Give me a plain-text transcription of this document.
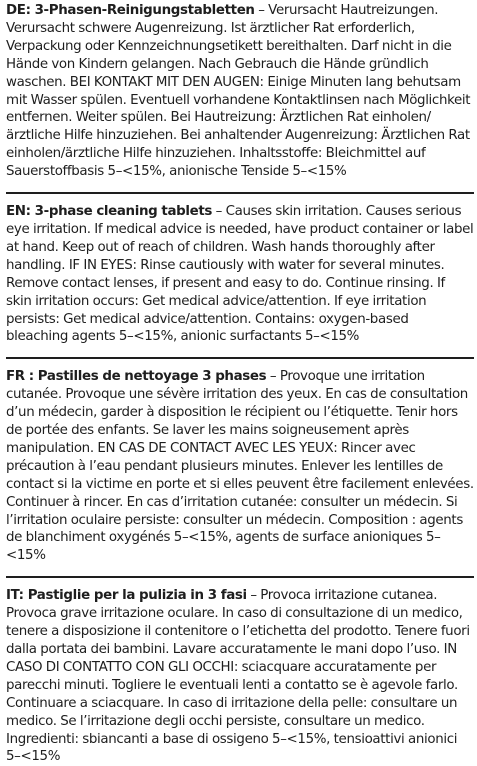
DE: 3-Phasen-Reinigungstabletten – Verursacht Hautreizungen. Verursacht schwere Augenreizung. Ist ärztlicher Rat erforderlich, Verpackung oder Kennzeichnungsetikett bereithalten. Darf nicht in die Hände von Kindern gelangen. Nach Gebrauch die Hände gründlich waschen. BEI KONTAKT MIT DEN AUGEN: Einige Minuten lang behutsam mit Wasser spülen. Eventuell vorhandene Kontaktlinsen nach Möglichkeit entfernen. Weiter spülen. Bei Hautreizung: Ärztlichen Rat einholen/ärztliche Hilfe hinzuziehen. Bei anhaltender Augenreizung: Ärztlichen Rat einholen/ärztliche Hilfe hinzuziehen. Inhaltsstoffe: Bleichmittel auf Sauerstoffbasis 5–<15%, anionische Tenside 5–<15%

EN: 3-phase cleaning tablets – Causes skin irritation. Causes serious eye irritation. If medical advice is needed, have product container or label at hand. Keep out of reach of children. Wash hands thoroughly after handling. IF IN EYES: Rinse cautiously with water for several minutes. Remove contact lenses, if present and easy to do. Continue rinsing. If skin irritation occurs: Get medical advice/attention. If eye irritation persists: Get medical advice/attention. Contains: oxygen-based bleaching agents 5–<15%, anionic surfactants 5–<15%

FR : Pastilles de nettoyage 3 phases – Provoque une irritation cutanée. Provoque une sévère irritation des yeux. En cas de consultation d’un médecin, garder à disposition le récipient ou l’étiquette. Tenir hors de portée des enfants. Se laver les mains soigneusement après manipulation. EN CAS DE CONTACT AVEC LES YEUX: Rincer avec précaution à l’eau pendant plusieurs minutes. Enlever les lentilles de contact si la victime en porte et si elles peuvent être facilement enlevées. Continuer à rincer. En cas d’irritation cutanée: consulter un médecin. Si l’irritation oculaire persiste: consulter un médecin. Composition : agents de blanchiment oxygénés 5–<15%, agents de surface anioniques 5–<15%

IT: Pastiglie per la pulizia in 3 fasi – Provoca irritazione cutanea. Provoca grave irritazione oculare. In caso di consultazione di un medico, tenere a disposizione il contenitore o l’etichetta del prodotto. Tenere fuori dalla portata dei bambini. Lavare accuratamente le mani dopo l’uso. IN CASO DI CONTATTO CON GLI OCCHI: sciacquare accuratamente per parecchi minuti. Togliere le eventuali lenti a contatto se è agevole farlo. Continuare a sciacquare. In caso di irritazione della pelle: consultare un medico. Se l’irritazione degli occhi persiste, consultare un medico. Ingredienti: sbiancanti a base di ossigeno 5–<15%, tensioattivi anionici 5–<15%
